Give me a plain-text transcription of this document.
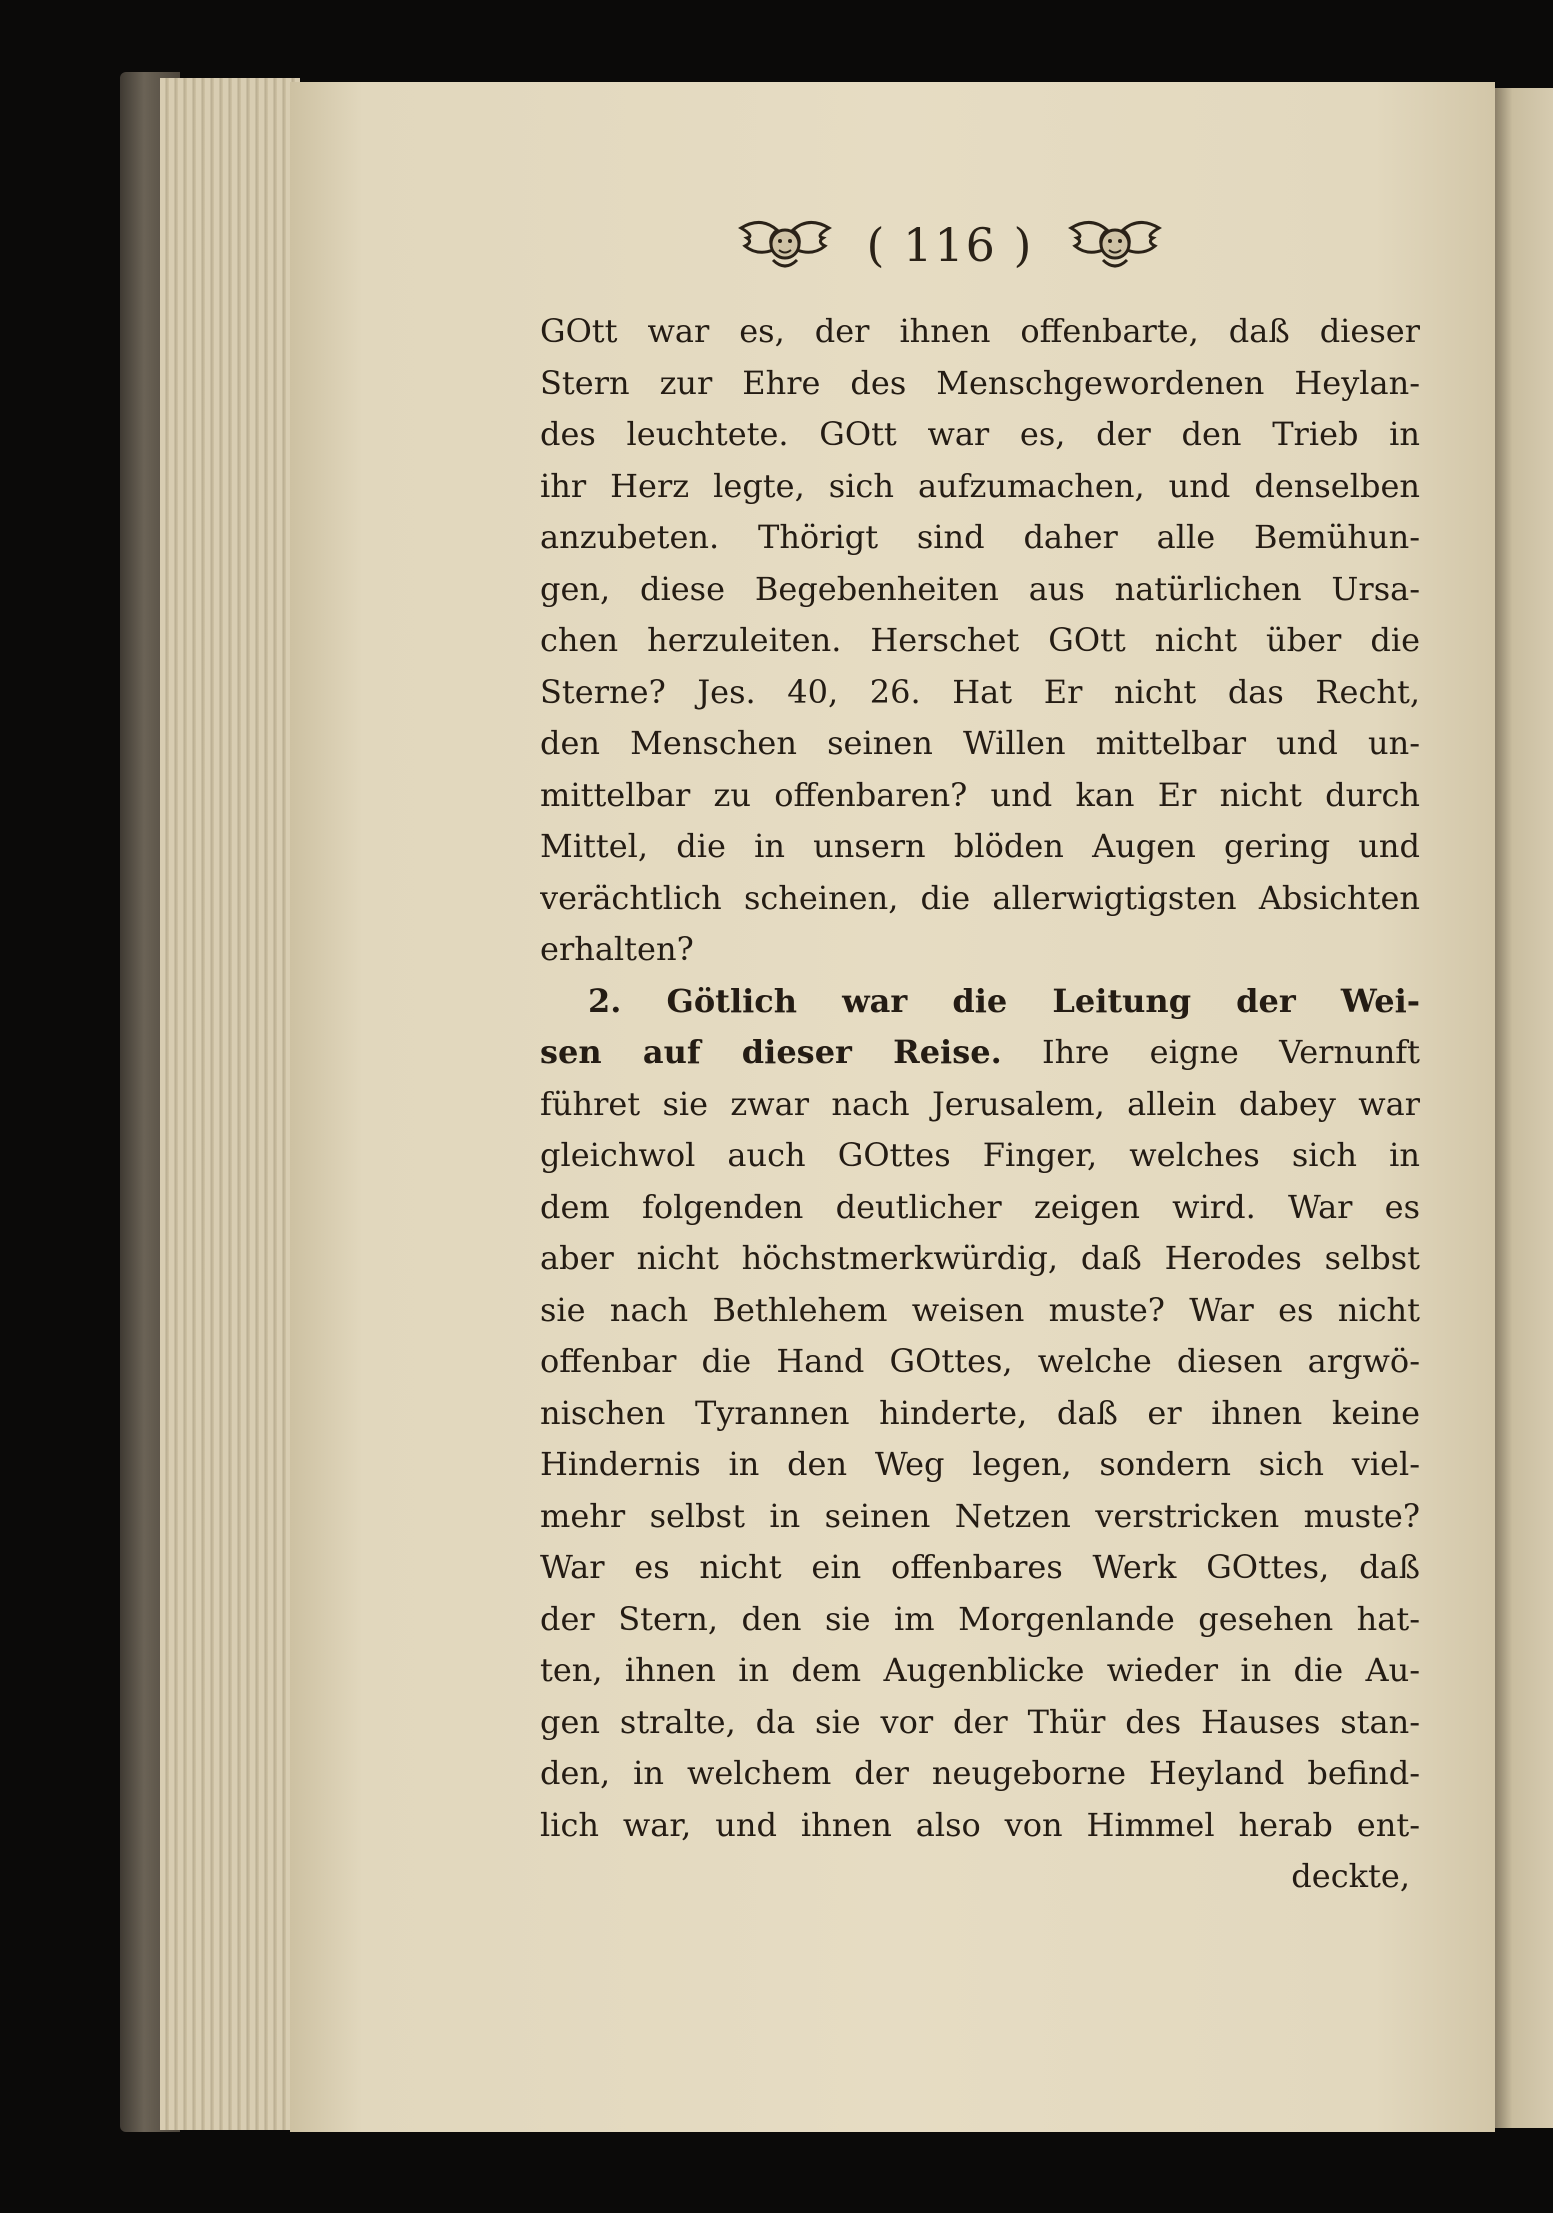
( 116 )
GOtt war es, der ihnen offenbarte, daß dieser
Stern zur Ehre des Menschgewordenen Heylan-
des leuchtete. GOtt war es, der den Trieb in
ihr Herz legte, sich aufzumachen, und denselben
anzubeten. Thörigt sind daher alle Bemühun-
gen, diese Begebenheiten aus natürlichen Ursa-
chen herzuleiten. Herschet GOtt nicht über die
Sterne? Jes. 40, 26. Hat Er nicht das Recht,
den Menschen seinen Willen mittelbar und un-
mittelbar zu offenbaren? und kan Er nicht durch
Mittel, die in unsern blöden Augen gering und
verächtlich scheinen, die allerwigtigsten Absichten
erhalten?
2. Götlich war die Leitung der Wei-
sen auf dieser Reise. Ihre eigne Vernunft
führet sie zwar nach Jerusalem, allein dabey war
gleichwol auch GOttes Finger, welches sich in
dem folgenden deutlicher zeigen wird. War es
aber nicht höchstmerkwürdig, daß Herodes selbst
sie nach Bethlehem weisen muste? War es nicht
offenbar die Hand GOttes, welche diesen argwö-
nischen Tyrannen hinderte, daß er ihnen keine
Hindernis in den Weg legen, sondern sich viel-
mehr selbst in seinen Netzen verstricken muste?
War es nicht ein offenbares Werk GOttes, daß
der Stern, den sie im Morgenlande gesehen hat-
ten, ihnen in dem Augenblicke wieder in die Au-
gen stralte, da sie vor der Thür des Hauses stan-
den, in welchem der neugeborne Heyland befind-
lich war, und ihnen also von Himmel herab ent-
deckte,
